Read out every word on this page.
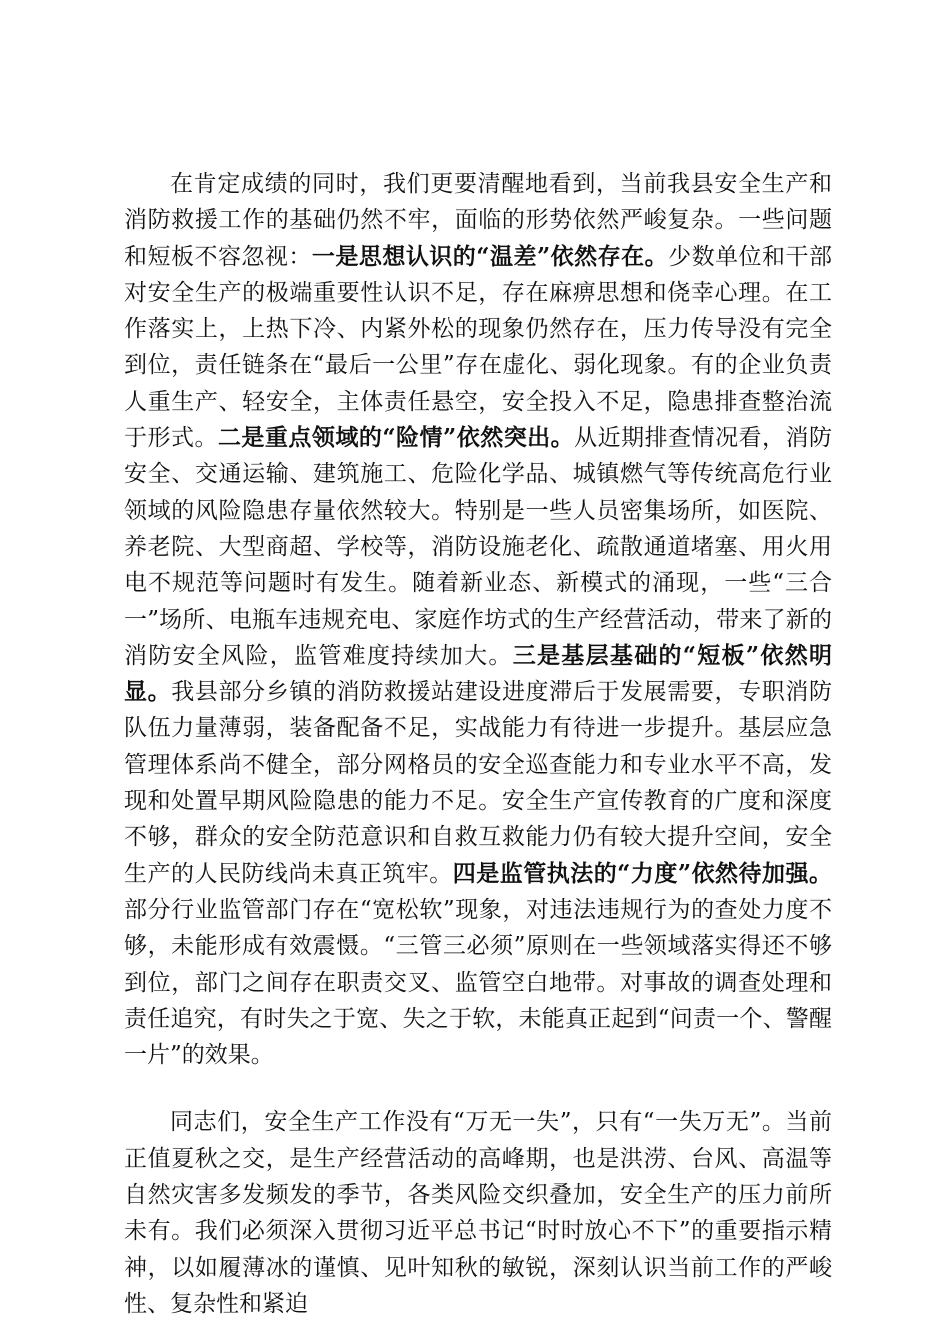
在肯定成绩的同时，我们更要清醒地看到，当前我县安全生产和消防救援工作的基础仍然不牢，面临的形势依然严峻复杂。一些问题和短板不容忽视：一是思想认识的“温差”依然存在。少数单位和干部对安全生产的极端重要性认识不足，存在麻痹思想和侥幸心理。在工作落实上，上热下冷、内紧外松的现象仍然存在，压力传导没有完全到位，责任链条在“最后一公里”存在虚化、弱化现象。有的企业负责人重生产、轻安全，主体责任悬空，安全投入不足，隐患排查整治流于形式。二是重点领域的“险情”依然突出。从近期排查情况看，消防安全、交通运输、建筑施工、危险化学品、城镇燃气等传统高危行业领域的风险隐患存量依然较大。特别是一些人员密集场所，如医院、养老院、大型商超、学校等，消防设施老化、疏散通道堵塞、用火用电不规范等问题时有发生。随着新业态、新模式的涌现，一些“三合一”场所、电瓶车违规充电、家庭作坊式的生产经营活动，带来了新的消防安全风险，监管难度持续加大。三是基层基础的“短板”依然明显。我县部分乡镇的消防救援站建设进度滞后于发展需要，专职消防队伍力量薄弱，装备配备不足，实战能力有待进一步提升。基层应急管理体系尚不健全，部分网格员的安全巡查能力和专业水平不高，发现和处置早期风险隐患的能力不足。安全生产宣传教育的广度和深度不够，群众的安全防范意识和自救互救能力仍有较大提升空间，安全生产的人民防线尚未真正筑牢。四是监管执法的“力度”依然待加强。部分行业监管部门存在“宽松软”现象，对违法违规行为的查处力度不够，未能形成有效震慑。“三管三必须”原则在一些领域落实得还不够到位，部门之间存在职责交叉、监管空白地带。对事故的调查处理和责任追究，有时失之于宽、失之于软，未能真正起到“问责一个、警醒一片”的效果。

同志们，安全生产工作没有“万无一失”，只有“一失万无”。当前正值夏秋之交，是生产经营活动的高峰期，也是洪涝、台风、高温等自然灾害多发频发的季节，各类风险交织叠加，安全生产的压力前所未有。我们必须深入贯彻习近平总书记“时时放心不下”的重要指示精神，以如履薄冰的谨慎、见叶知秋的敏锐，深刻认识当前工作的严峻性、复杂性和紧迫
